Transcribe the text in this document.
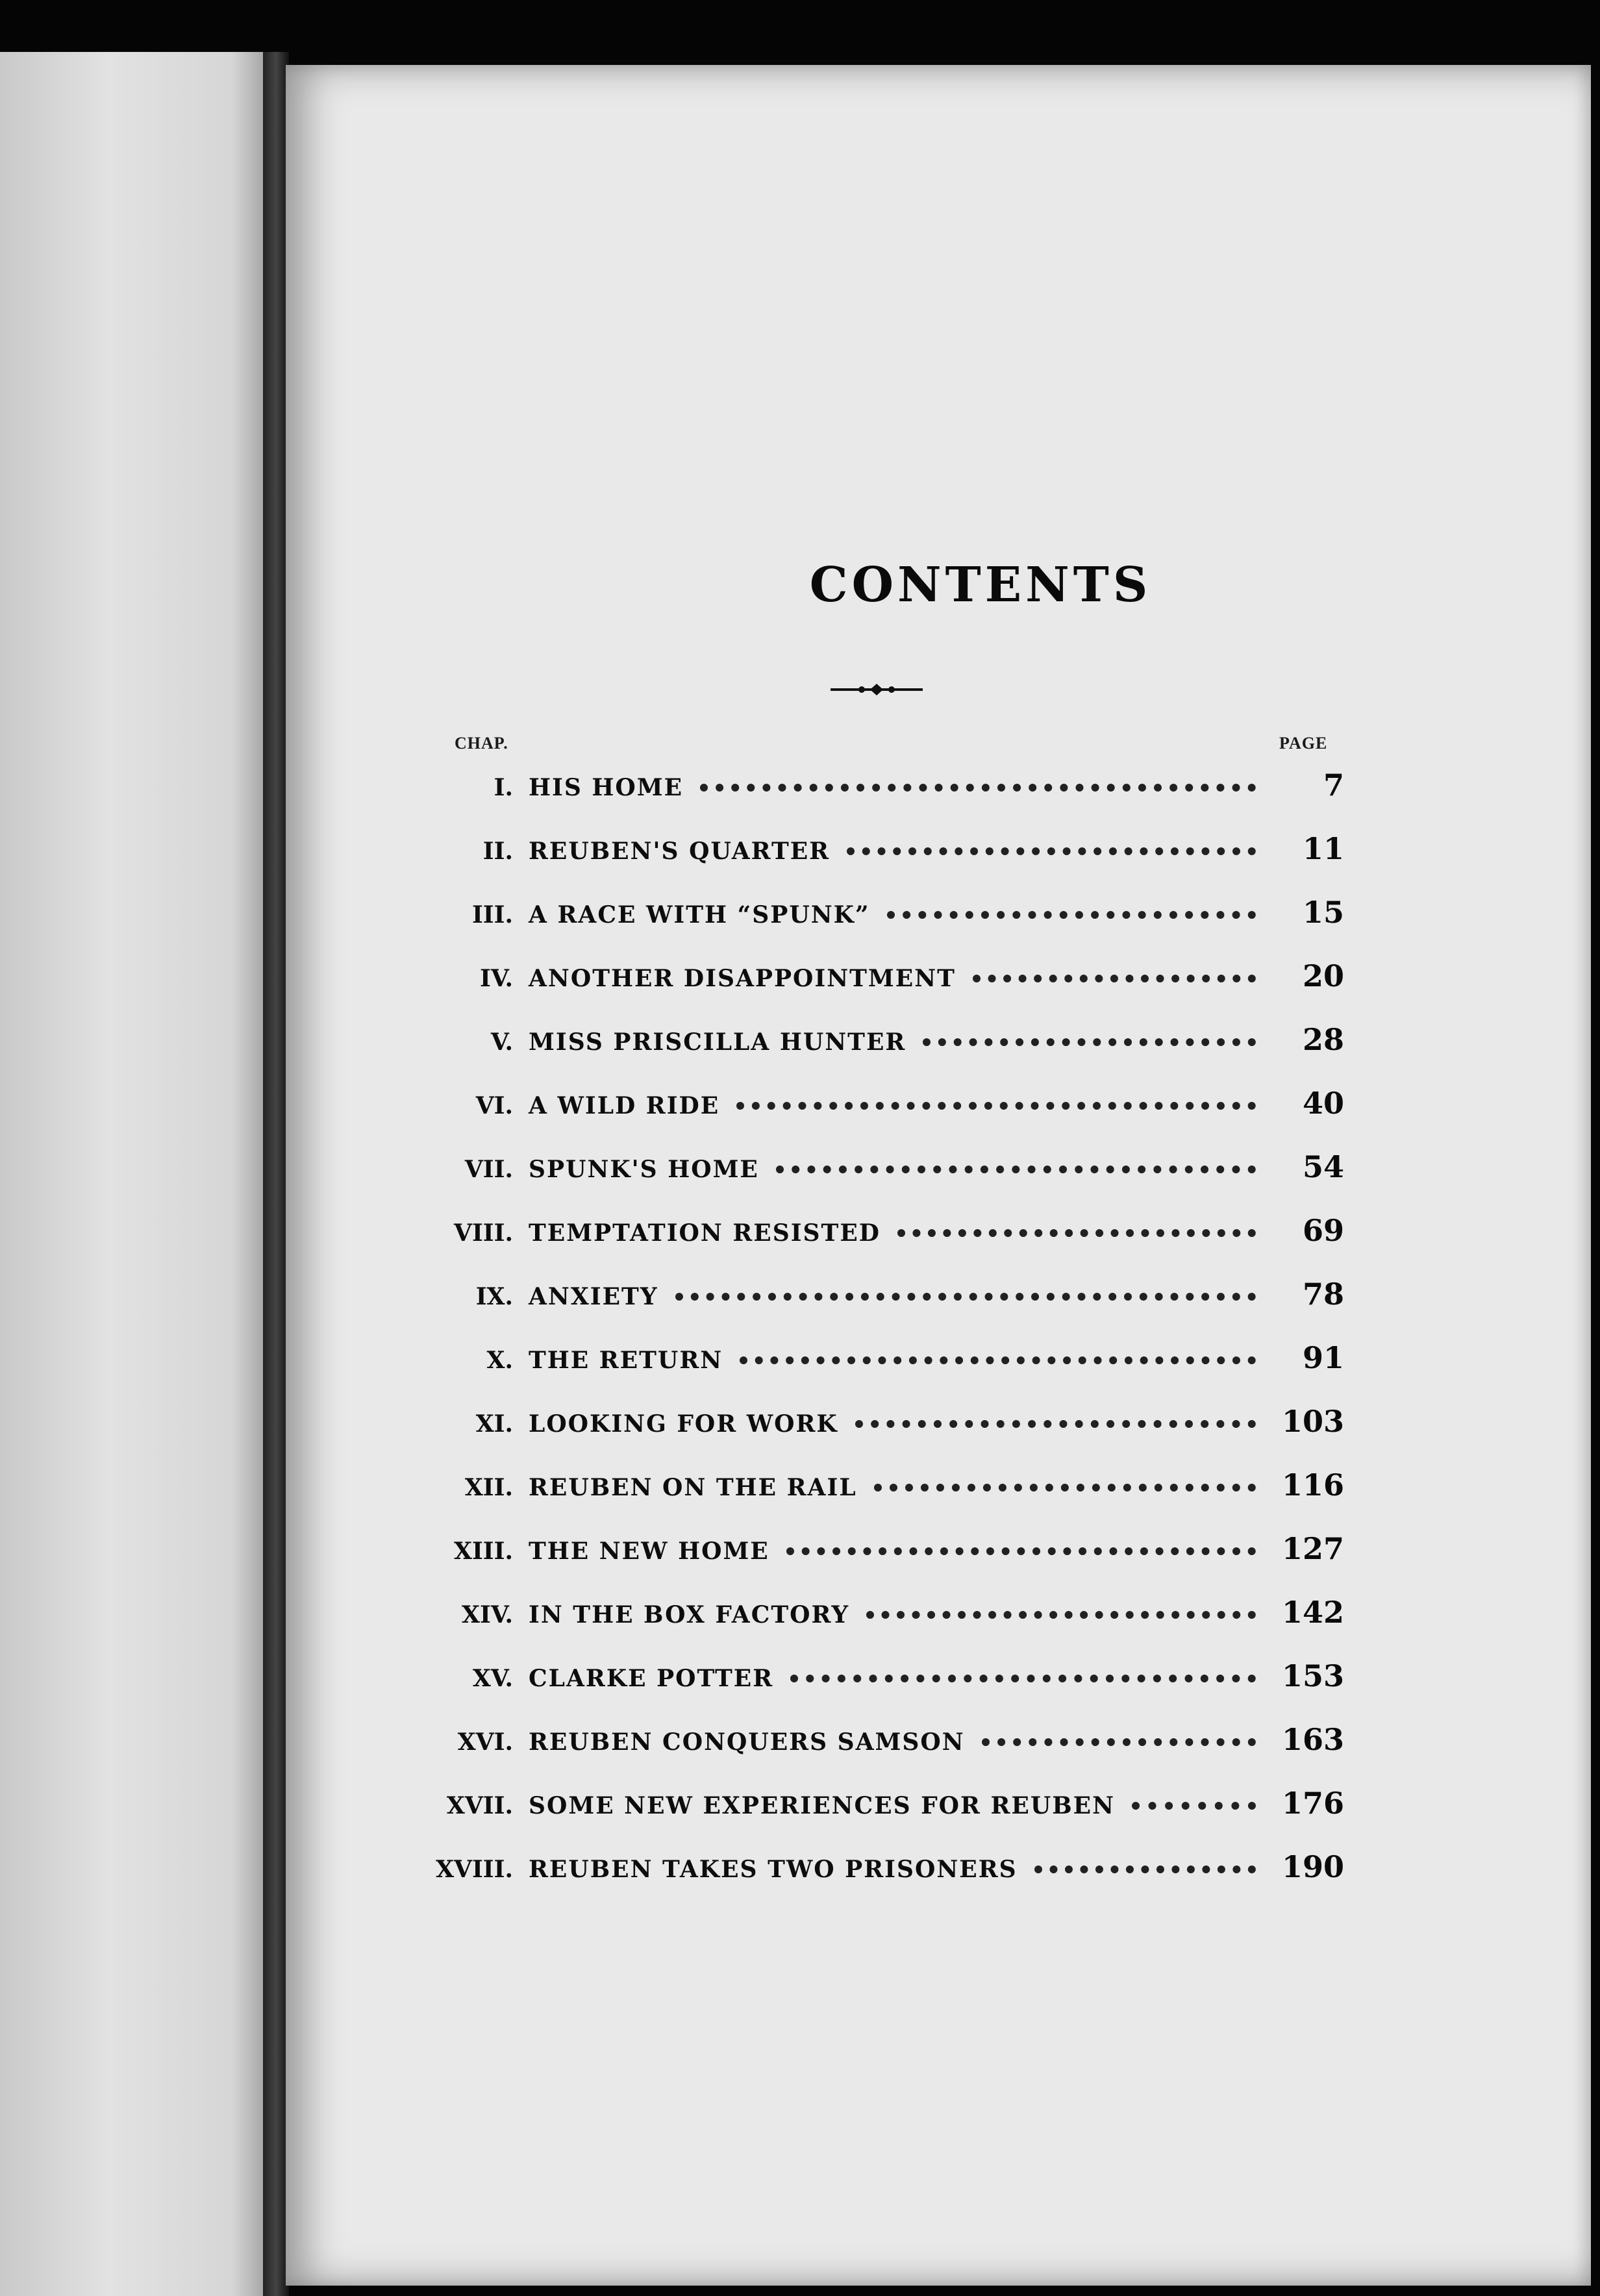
CONTENTS
CHAP.	PAGE
I. HIS HOME	7
II. REUBEN'S QUARTER	11
III. A RACE WITH “SPUNK”	15
IV. ANOTHER DISAPPOINTMENT	20
V. MISS PRISCILLA HUNTER	28
VI. A WILD RIDE	40
VII. SPUNK'S HOME	54
VIII. TEMPTATION RESISTED	69
IX. ANXIETY	78
X. THE RETURN	91
XI. LOOKING FOR WORK	103
XII. REUBEN ON THE RAIL	116
XIII. THE NEW HOME	127
XIV. IN THE BOX FACTORY	142
XV. CLARKE POTTER	153
XVI. REUBEN CONQUERS SAMSON	163
XVII. SOME NEW EXPERIENCES FOR REUBEN	176
XVIII. REUBEN TAKES TWO PRISONERS	190
